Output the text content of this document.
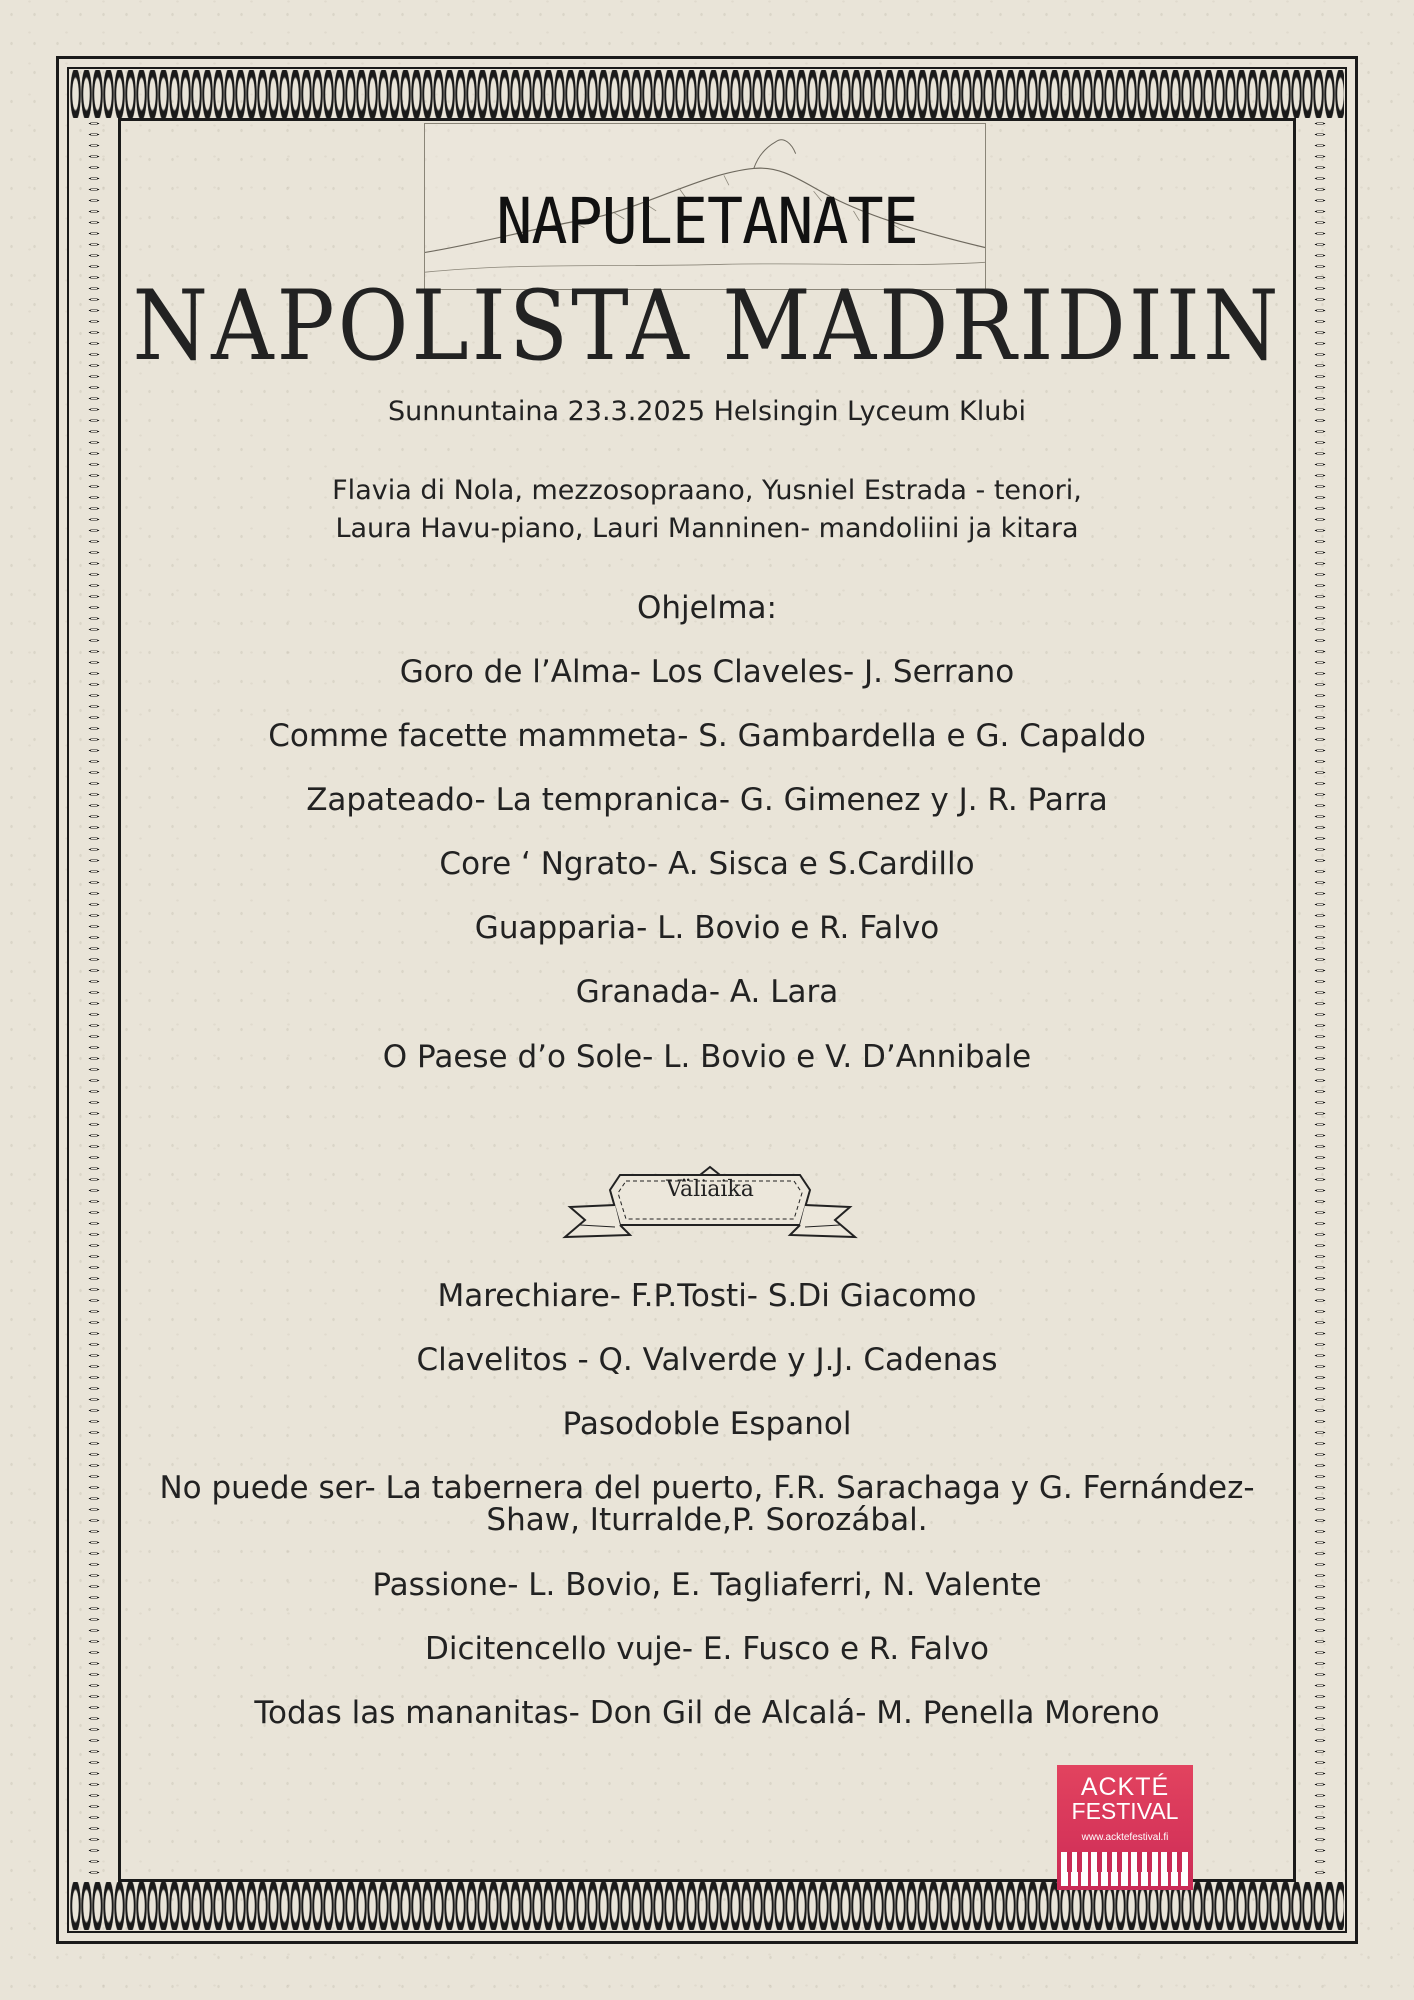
NAPULETANATE
NAPOLISTA MADRIDIIN
Sunnuntaina 23.3.2025 Helsingin Lyceum Klubi
Flavia di Nola, mezzosopraano, Yusniel Estrada - tenori,
Laura Havu-piano, Lauri Manninen- mandoliini ja kitara
Ohjelma:
Goro de l’Alma- Los Claveles- J. Serrano
Comme facette mammeta- S. Gambardella e G. Capaldo
Zapateado- La tempranica- G. Gimenez y J. R. Parra
Core ‘ Ngrato- A. Sisca e S.Cardillo
Guapparia- L. Bovio e R. Falvo
Granada- A. Lara
O Paese d’o Sole- L. Bovio e V. D’Annibale
Väliaika
Marechiare- F.P.Tosti- S.Di Giacomo
Clavelitos - Q. Valverde y J.J. Cadenas
Pasodoble Espanol
No puede ser- La tabernera del puerto, F.R. Sarachaga y G. Fernández-
Shaw, Iturralde,P. Sorozábal.
Passione- L. Bovio, E. Tagliaferri, N. Valente
Dicitencello vuje- E. Fusco e R. Falvo
Todas las mananitas- Don Gil de Alcalá- M. Penella Moreno
ACKTÉ
FESTIVAL
www.acktefestival.fi
